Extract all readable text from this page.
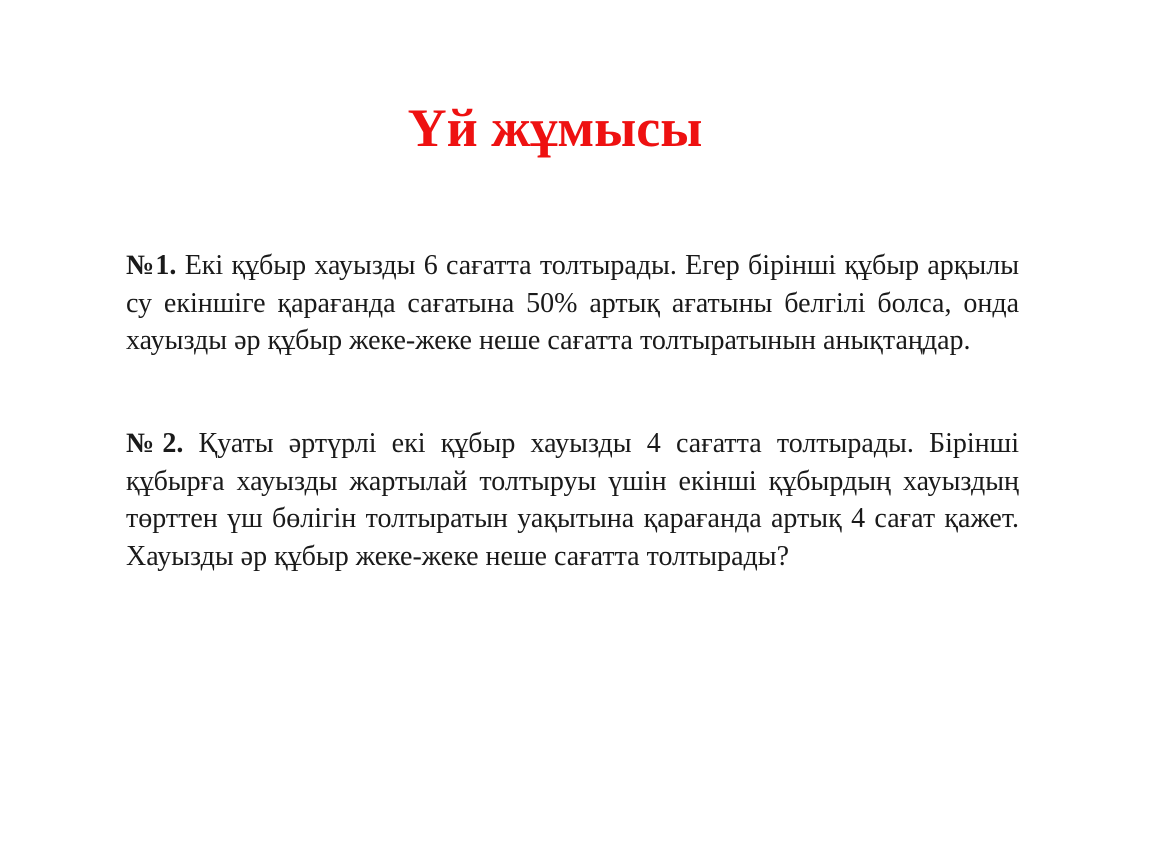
Үй жұмысы

№1. Екі құбыр хауызды 6 сағатта толтырады. Егер бірінші құбыр арқылы су екіншіге қарағанда сағатына 50% артық ағатыны белгілі болса, онда хауызды әр құбыр жеке-жеке неше сағатта толтыратынын анықтаңдар.

№2. Қуаты әртүрлі екі құбыр хауызды 4 сағатта толтырады. Бірінші құбырға хауызды жартылай толтыруы үшін екінші құбырдың хауыздың төрттен үш бөлігін толтыратын уақытына қарағанда артық 4 сағат қажет. Хауызды әр құбыр жеке-жеке неше сағатта толтырады?
